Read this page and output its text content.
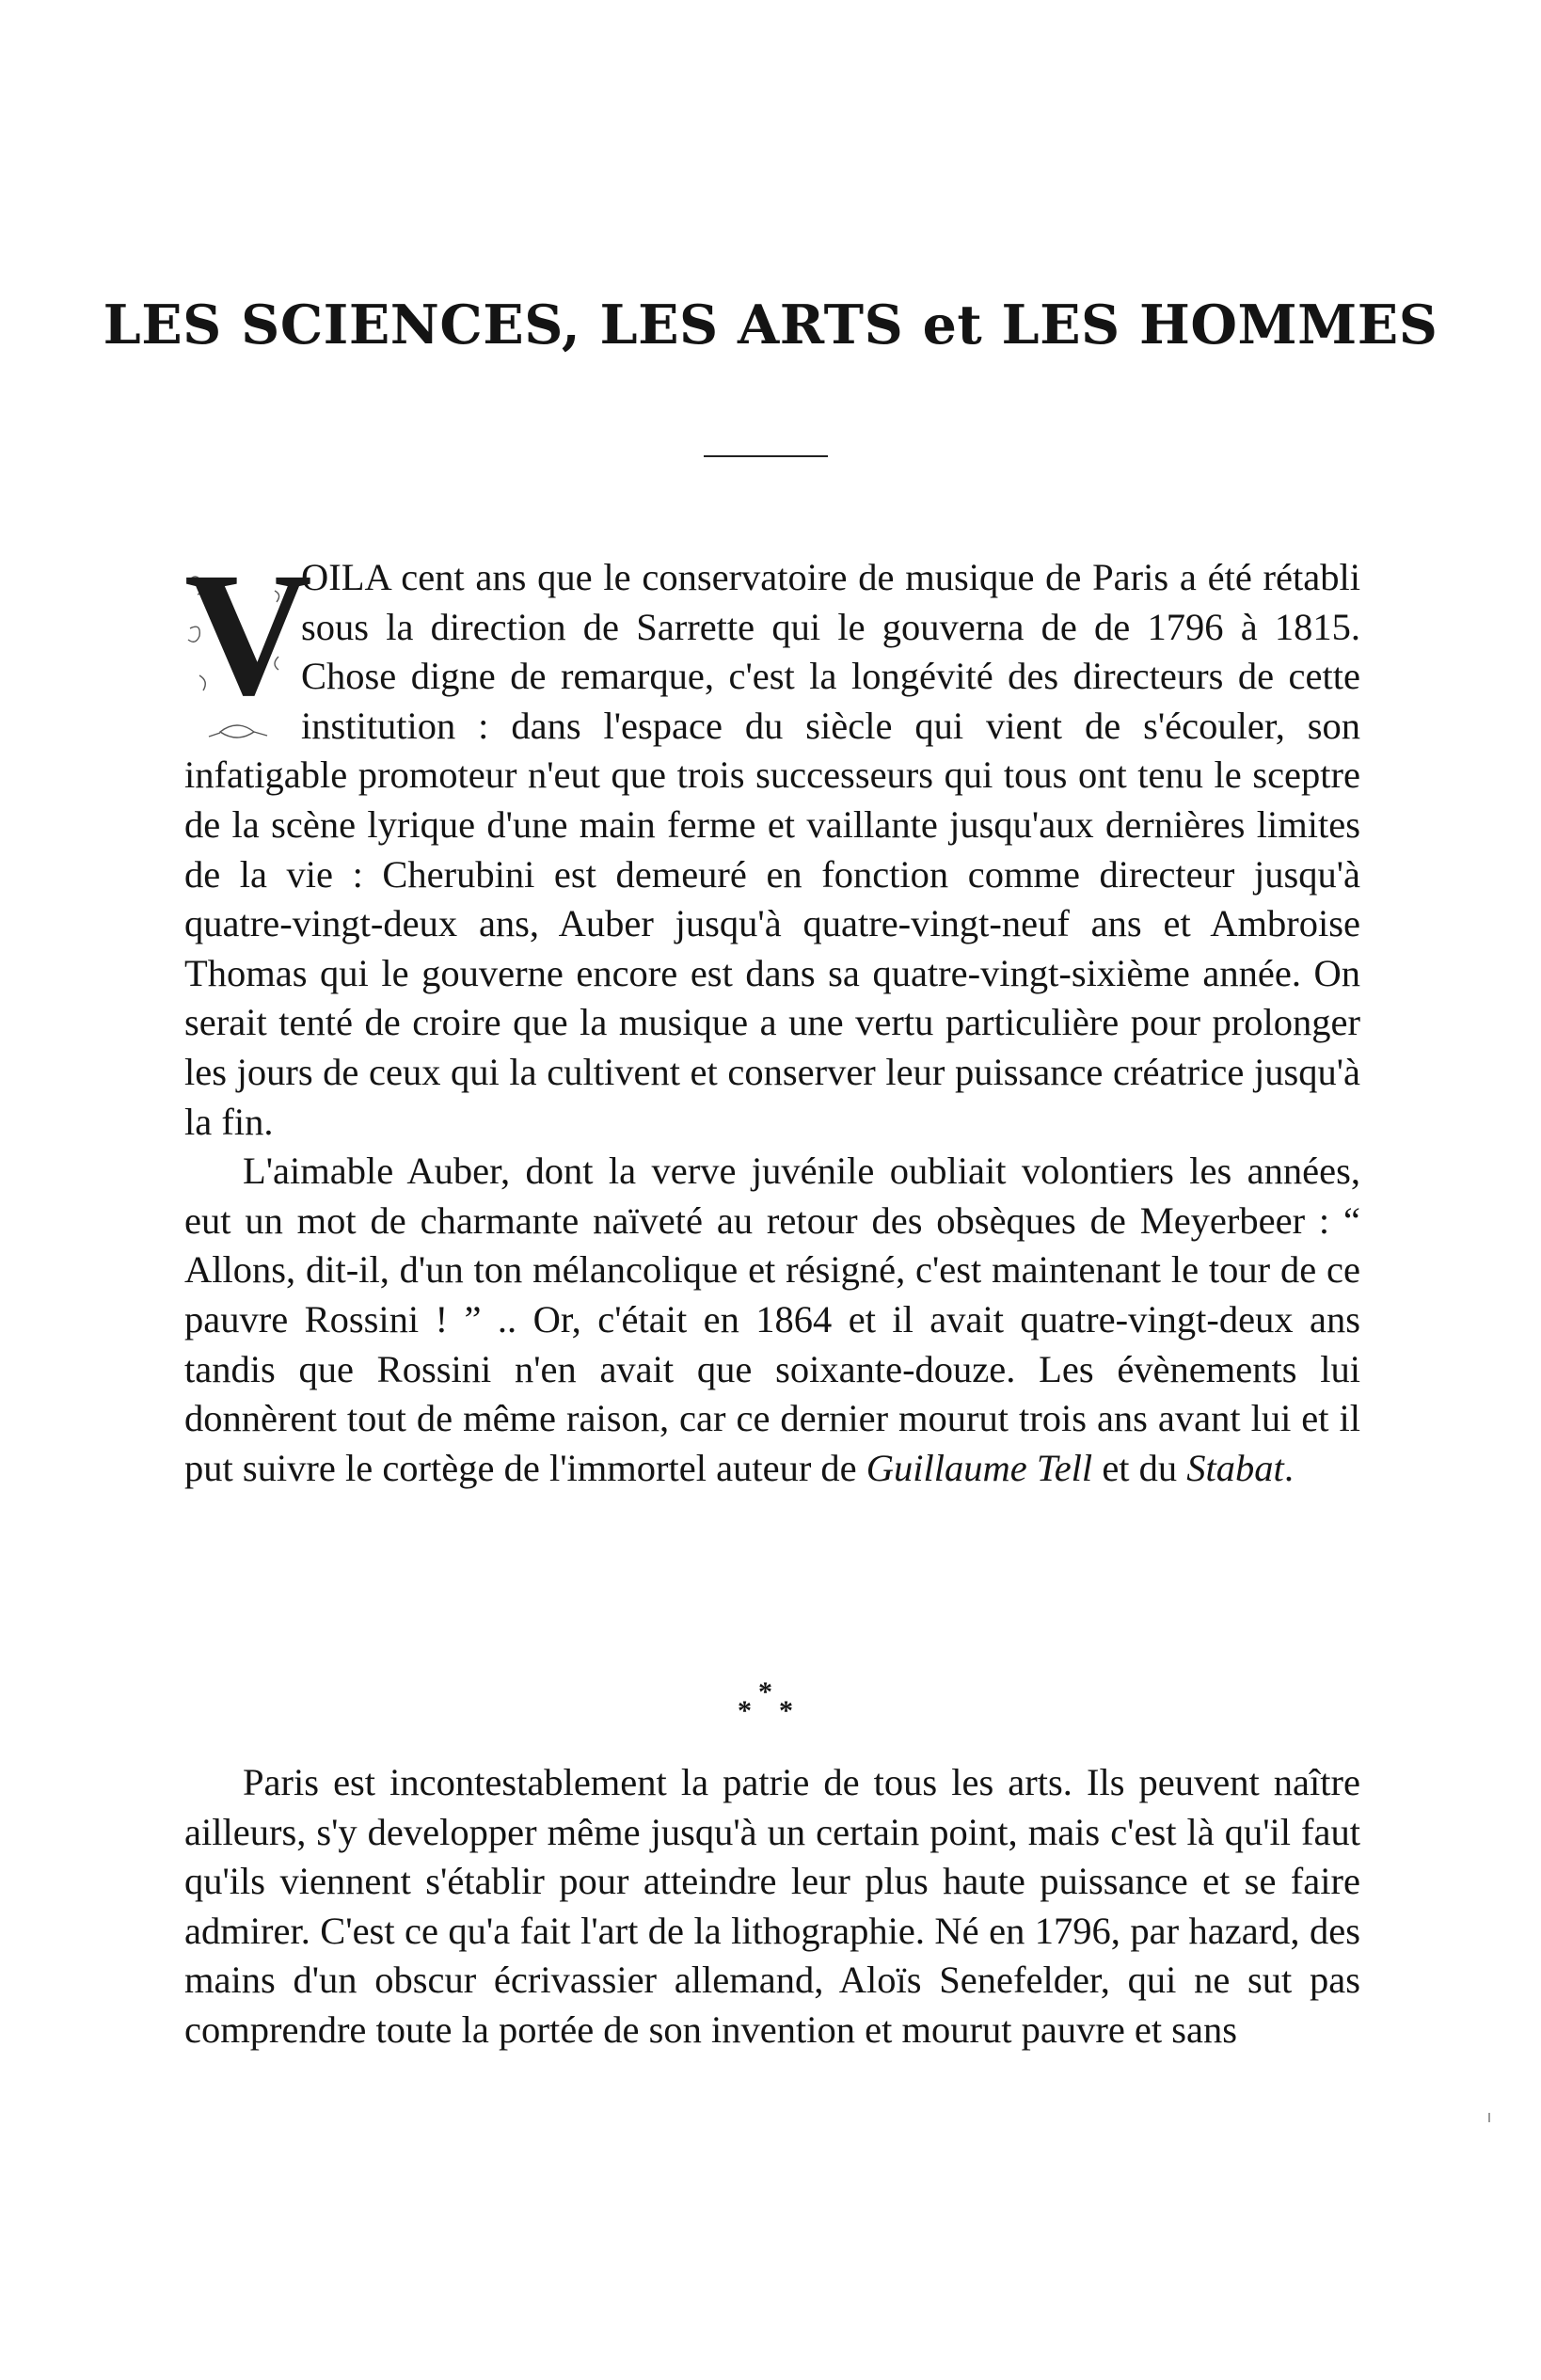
LES SCIENCES, LES ARTS et LES HOMMES

V
OILA cent ans que le conservatoire de musique de Paris a été rétabli sous la direction de Sarrette qui le gouverna de de 1796 à 1815. Chose digne de remarque, c'est la longévité des directeurs de cette institution : dans l'espace du siècle qui vient de s'écouler, son infatigable promoteur n'eut que trois successeurs qui tous ont tenu le sceptre de la scène lyrique d'une main ferme et vaillante jusqu'aux dernières limites de la vie : Cherubini est demeuré en fonction comme directeur jusqu'à quatre-vingt-deux ans, Auber jusqu'à quatre-vingt-neuf ans et Ambroise Thomas qui le gouverne encore est dans sa quatre-vingt-sixième année. On serait tenté de croire que la musique a une vertu particulière pour prolonger les jours de ceux qui la cultivent et conserver leur puissance créatrice jusqu'à la fin.

L'aimable Auber, dont la verve juvénile oubliait volontiers les années, eut un mot de charmante naïveté au retour des obsèques de Meyerbeer : “ Allons, dit-il, d'un ton mélancolique et résigné, c'est maintenant le tour de ce pauvre Rossini ! ” .. Or, c'était en 1864 et il avait quatre-vingt-deux ans tandis que Rossini n'en avait que soixante-douze. Les évènements lui donnèrent tout de même raison, car ce dernier mourut trois ans avant lui et il put suivre le cortège de l'immortel auteur de Guillaume Tell et du Stabat.

*
* *

Paris est incontestablement la patrie de tous les arts. Ils peuvent naître ailleurs, s'y developper même jusqu'à un certain point, mais c'est là qu'il faut qu'ils viennent s'établir pour atteindre leur plus haute puissance et se faire admirer. C'est ce qu'a fait l'art de la lithographie. Né en 1796, par hazard, des mains d'un obscur écrivassier allemand, Aloïs Senefelder, qui ne sut pas comprendre toute la portée de son invention et mourut pauvre et sans
